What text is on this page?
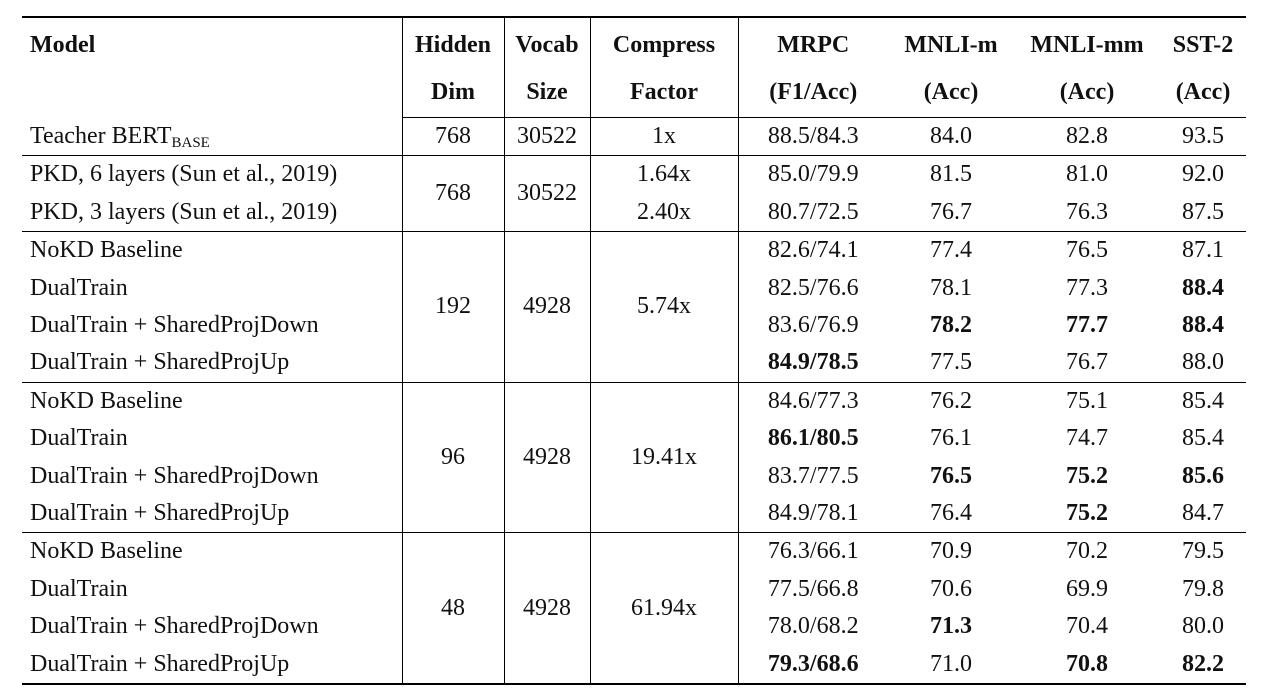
Model	Hidden	Vocab	Compress	MRPC	MNLI-m	MNLI-mm	SST-2
	Dim	Size	Factor	(F1/Acc)	(Acc)	(Acc)	(Acc)
Teacher $BERT_{BASE}$	768	30522	1x	88.5/84.3	84.0	82.8	93.5
PKD, 6 layers (Sun et al., 2019)	768	30522	1.64x	85.0/79.9	81.5	81.0	92.0
PKD, 3 layers (Sun et al., 2019)			2.40x	80.7/72.5	76.7	76.3	87.5
NoKD Baseline	192	4928	5.74x	82.6/74.1	77.4	76.5	87.1
DualTrain				82.5/76.6	78.1	77.3	88.4
DualTrain + SharedProjDown				83.6/76.9	78.2	77.7	88.4
DualTrain + SharedProjUp				84.9/78.5	77.5	76.7	88.0
NoKD Baseline	96	4928	19.41x	84.6/77.3	76.2	75.1	85.4
DualTrain				86.1/80.5	76.1	74.7	85.4
DualTrain + SharedProjDown				83.7/77.5	76.5	75.2	85.6
DualTrain + SharedProjUp				84.9/78.1	76.4	75.2	84.7
NoKD Baseline	48	4928	61.94x	76.3/66.1	70.9	70.2	79.5
DualTrain				77.5/66.8	70.6	69.9	79.8
DualTrain + SharedProjDown				78.0/68.2	71.3	70.4	80.0
DualTrain + SharedProjUp				79.3/68.6	71.0	70.8	82.2
